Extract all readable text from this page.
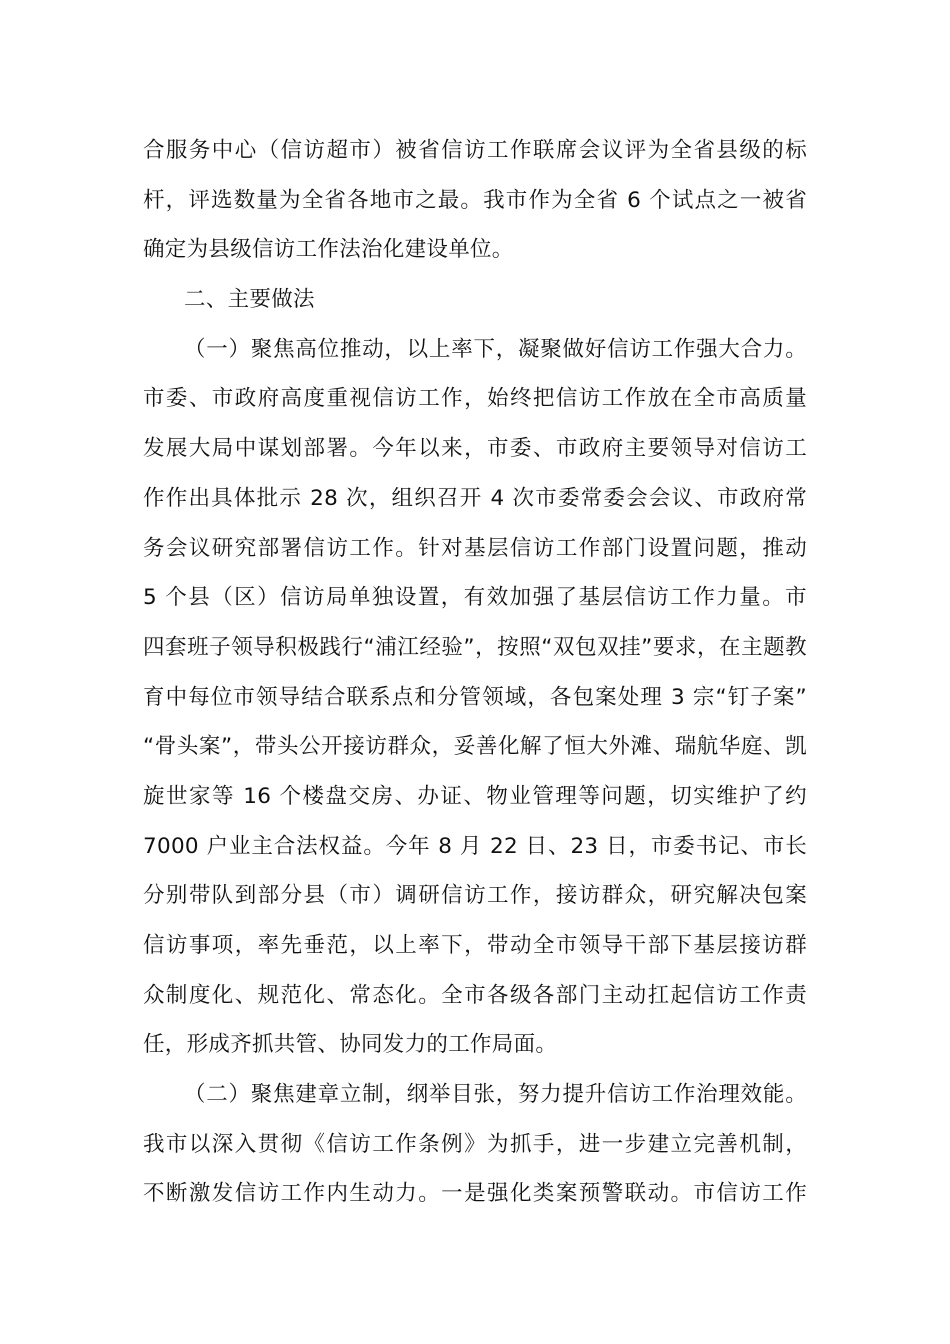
合服务中心（信访超市）被省信访工作联席会议评为全省县级的标
杆，评选数量为全省各地市之最。我市作为全省 6 个试点之一被省
确定为县级信访工作法治化建设单位。
二、主要做法
（一）聚焦高位推动，以上率下，凝聚做好信访工作强大合力。
市委、市政府高度重视信访工作，始终把信访工作放在全市高质量
发展大局中谋划部署。今年以来，市委、市政府主要领导对信访工
作作出具体批示 28 次，组织召开 4 次市委常委会会议、市政府常
务会议研究部署信访工作。针对基层信访工作部门设置问题，推动
5 个县（区）信访局单独设置，有效加强了基层信访工作力量。市
四套班子领导积极践行“浦江经验”，按照“双包双挂”要求，在主题教
育中每位市领导结合联系点和分管领域，各包案处理 3 宗“钉子案”
“骨头案”，带头公开接访群众，妥善化解了恒大外滩、瑞航华庭、凯
旋世家等 16 个楼盘交房、办证、物业管理等问题，切实维护了约
7000 户业主合法权益。今年 8 月 22 日、23 日，市委书记、市长
分别带队到部分县（市）调研信访工作，接访群众，研究解决包案
信访事项，率先垂范，以上率下，带动全市领导干部下基层接访群
众制度化、规范化、常态化。全市各级各部门主动扛起信访工作责
任，形成齐抓共管、协同发力的工作局面。
（二）聚焦建章立制，纲举目张，努力提升信访工作治理效能。
我市以深入贯彻《信访工作条例》为抓手，进一步建立完善机制，
不断激发信访工作内生动力。一是强化类案预警联动。市信访工作
